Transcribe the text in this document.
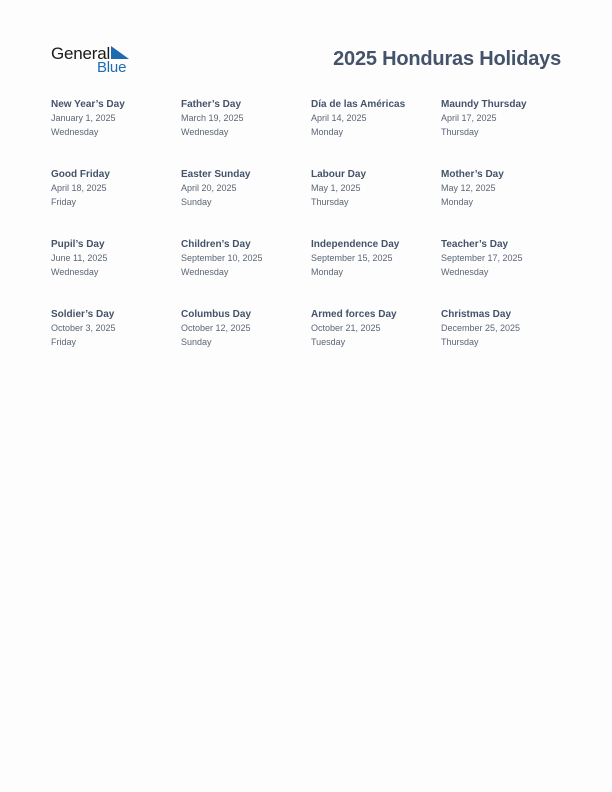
General
Blue	2025 Honduras Holidays
New Year’s Day
January 1, 2025
Wednesday
Father’s Day
March 19, 2025
Wednesday
Día de las Américas
April 14, 2025
Monday
Maundy Thursday
April 17, 2025
Thursday
Good Friday
April 18, 2025
Friday
Easter Sunday
April 20, 2025
Sunday
Labour Day
May 1, 2025
Thursday
Mother’s Day
May 12, 2025
Monday
Pupil’s Day
June 11, 2025
Wednesday
Children’s Day
September 10, 2025
Wednesday
Independence Day
September 15, 2025
Monday
Teacher’s Day
September 17, 2025
Wednesday
Soldier’s Day
October 3, 2025
Friday
Columbus Day
October 12, 2025
Sunday
Armed forces Day
October 21, 2025
Tuesday
Christmas Day
December 25, 2025
Thursday
